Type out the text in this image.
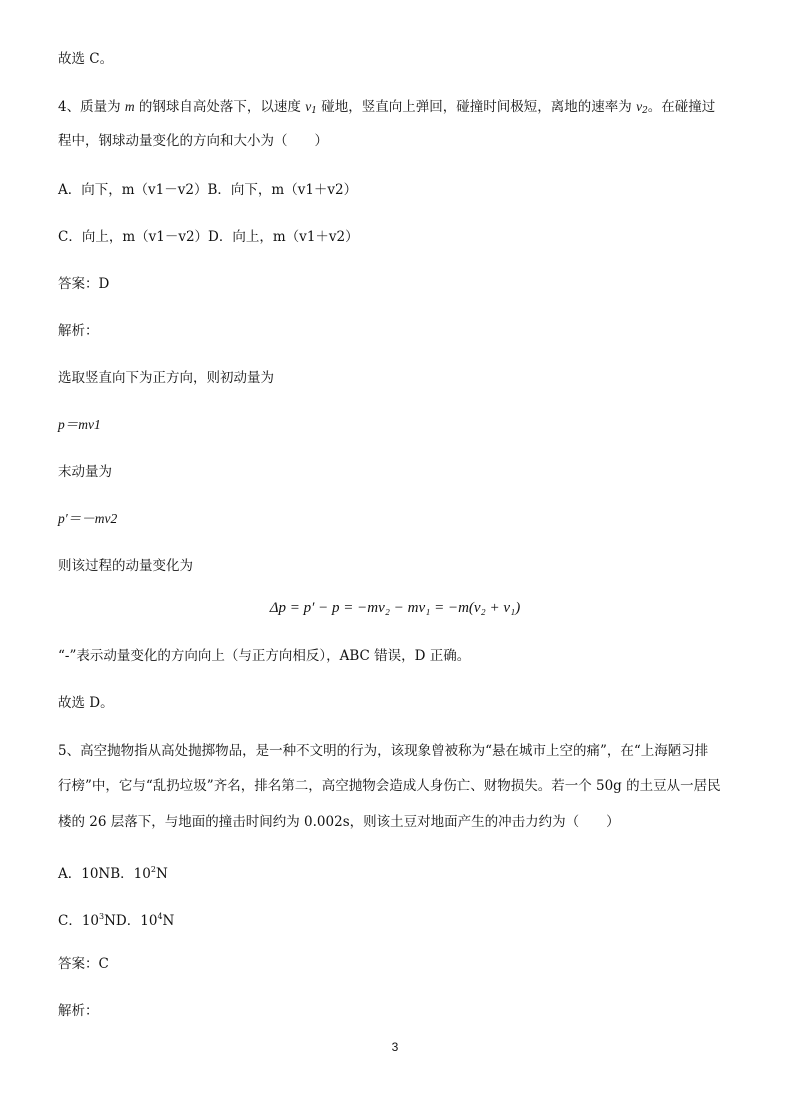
故选 C。
4、质量为 m 的钢球自高处落下，以速度 $v_1$ 碰地，竖直向上弹回，碰撞时间极短，离地的速率为 $v_2$。在碰撞过
程中，钢球动量变化的方向和大小为（　　）
A．向下，m（v1－v2）B．向下，m（v1＋v2）
C．向上，m（v1－v2）D．向上，m（v1＋v2）
答案：D
解析：
选取竖直向下为正方向，则初动量为
p＝mv1
末动量为
p′＝－mv2
则该过程的动量变化为
Δp = p′ − p = −mv₂ − mv₁ = −m(v₂ + v₁)
“-”表示动量变化的方向向上（与正方向相反），ABC 错误，D 正确。
故选 D。
5、高空抛物指从高处抛掷物品，是一种不文明的行为，该现象曾被称为“悬在城市上空的痛”，在“上海陋习排
行榜”中，它与“乱扔垃圾”齐名，排名第二，高空抛物会造成人身伤亡、财物损失。若一个 50g 的土豆从一居民
楼的 26 层落下，与地面的撞击时间约为 0.002s，则该土豆对地面产生的冲击力约为（　　）
A．10NB．$10^2N$
C．$10^3ND$．$10^4N$
答案：C
解析：
3
